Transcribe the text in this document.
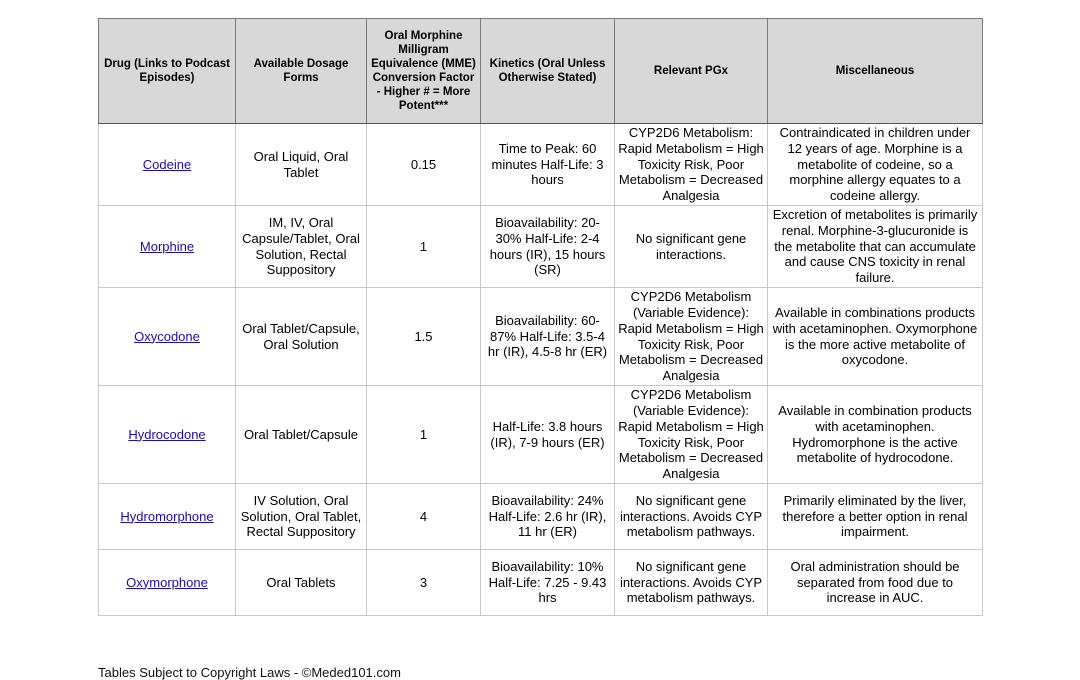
Drug (Links to Podcast Episodes)	Available Dosage Forms	Oral Morphine Milligram Equivalence (MME) Conversion Factor - Higher # = More Potent***	Kinetics (Oral Unless Otherwise Stated)	Relevant PGx	Miscellaneous
Codeine	Oral Liquid, Oral Tablet	0.15	Time to Peak: 60 minutes Half-Life: 3 hours	CYP2D6 Metabolism: Rapid Metabolism = High Toxicity Risk, Poor Metabolism = Decreased Analgesia	Contraindicated in children under 12 years of age. Morphine is a metabolite of codeine, so a morphine allergy equates to a codeine allergy.
Morphine	IM, IV, Oral Capsule/Tablet, Oral Solution, Rectal Suppository	1	Bioavailability: 20-30% Half-Life: 2-4 hours (IR), 15 hours (SR)	No significant gene interactions.	Excretion of metabolites is primarily renal. Morphine-3-glucuronide is the metabolite that can accumulate and cause CNS toxicity in renal failure.
Oxycodone	Oral Tablet/Capsule, Oral Solution	1.5	Bioavailability: 60-87% Half-Life: 3.5-4 hr (IR), 4.5-8 hr (ER)	CYP2D6 Metabolism (Variable Evidence): Rapid Metabolism = High Toxicity Risk, Poor Metabolism = Decreased Analgesia	Available in combinations products with acetaminophen. Oxymorphone is the more active metabolite of oxycodone.
Hydrocodone	Oral Tablet/Capsule	1	Half-Life: 3.8 hours (IR), 7-9 hours (ER)	CYP2D6 Metabolism (Variable Evidence): Rapid Metabolism = High Toxicity Risk, Poor Metabolism = Decreased Analgesia	Available in combination products with acetaminophen. Hydromorphone is the active metabolite of hydrocodone.
Hydromorphone	IV Solution, Oral Solution, Oral Tablet, Rectal Suppository	4	Bioavailability: 24% Half-Life: 2.6 hr (IR), 11 hr (ER)	No significant gene interactions. Avoids CYP metabolism pathways.	Primarily eliminated by the liver, therefore a better option in renal impairment.
Oxymorphone	Oral Tablets	3	Bioavailability: 10% Half-Life: 7.25 - 9.43 hrs	No significant gene interactions. Avoids CYP metabolism pathways.	Oral administration should be separated from food due to increase in AUC.
Tables Subject to Copyright Laws - ©Meded101.com
